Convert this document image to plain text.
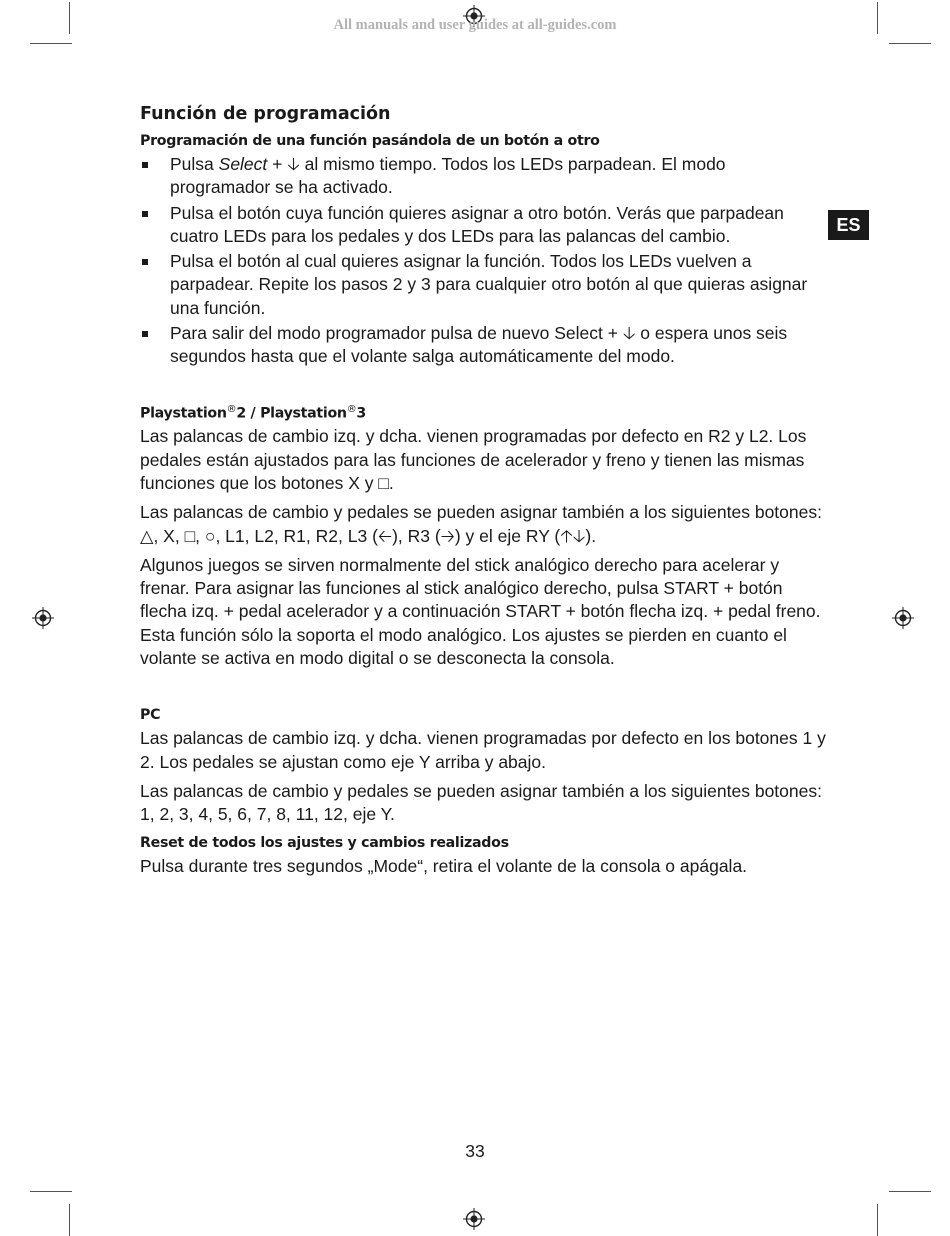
All manuals and user guides at all-guides.com
ES
Función de programación
Programación de una función pasándola de un botón a otro
Pulsa Select + 🡣 al mismo tiempo. Todos los LEDs parpadean. El modo programador se ha activado.
Pulsa el botón cuya función quieres asignar a otro botón. Verás que parpadean cuatro LEDs para los pedales y dos LEDs para las palancas del cambio.
Pulsa el botón al cual quieres asignar la función. Todos los LEDs vuelven a parpadear. Repite los pasos 2 y 3 para cualquier otro botón al que quieras asignar una función.
Para salir del modo programador pulsa de nuevo Select + 🡣 o espera unos seis segundos hasta que el volante salga automáticamente del modo.
Playstation®2 / Playstation®3

Las palancas de cambio izq. y dcha. vienen programadas por defecto en R2 y L2. Los pedales están ajustados para las funciones de acelerador y freno y tienen las mismas funciones que los botones X y □.

Las palancas de cambio y pedales se pueden asignar también a los siguientes botones: △, X, □, ○, L1, L2, R1, R2, L3 (🡠), R3 (🡢) y el eje RY (🡡🡣).

Algunos juegos se sirven normalmente del stick analógico derecho para acelerar y frenar. Para asignar las funciones al stick analógico derecho, pulsa START + botón flecha izq. + pedal acelerador y a continuación START + botón flecha izq. + pedal freno. Esta función sólo la soporta el modo analógico. Los ajustes se pierden en cuanto el volante se activa en modo digital o se desconecta la consola.

PC

Las palancas de cambio izq. y dcha. vienen programadas por defecto en los botones 1 y 2. Los pedales se ajustan como eje Y arriba y abajo.

Las palancas de cambio y pedales se pueden asignar también a los siguientes botones: 1, 2, 3, 4, 5, 6, 7, 8, 11, 12, eje Y.

Reset de todos los ajustes y cambios realizados

Pulsa durante tres segundos „Mode“, retira el volante de la consola o apágala.

33
